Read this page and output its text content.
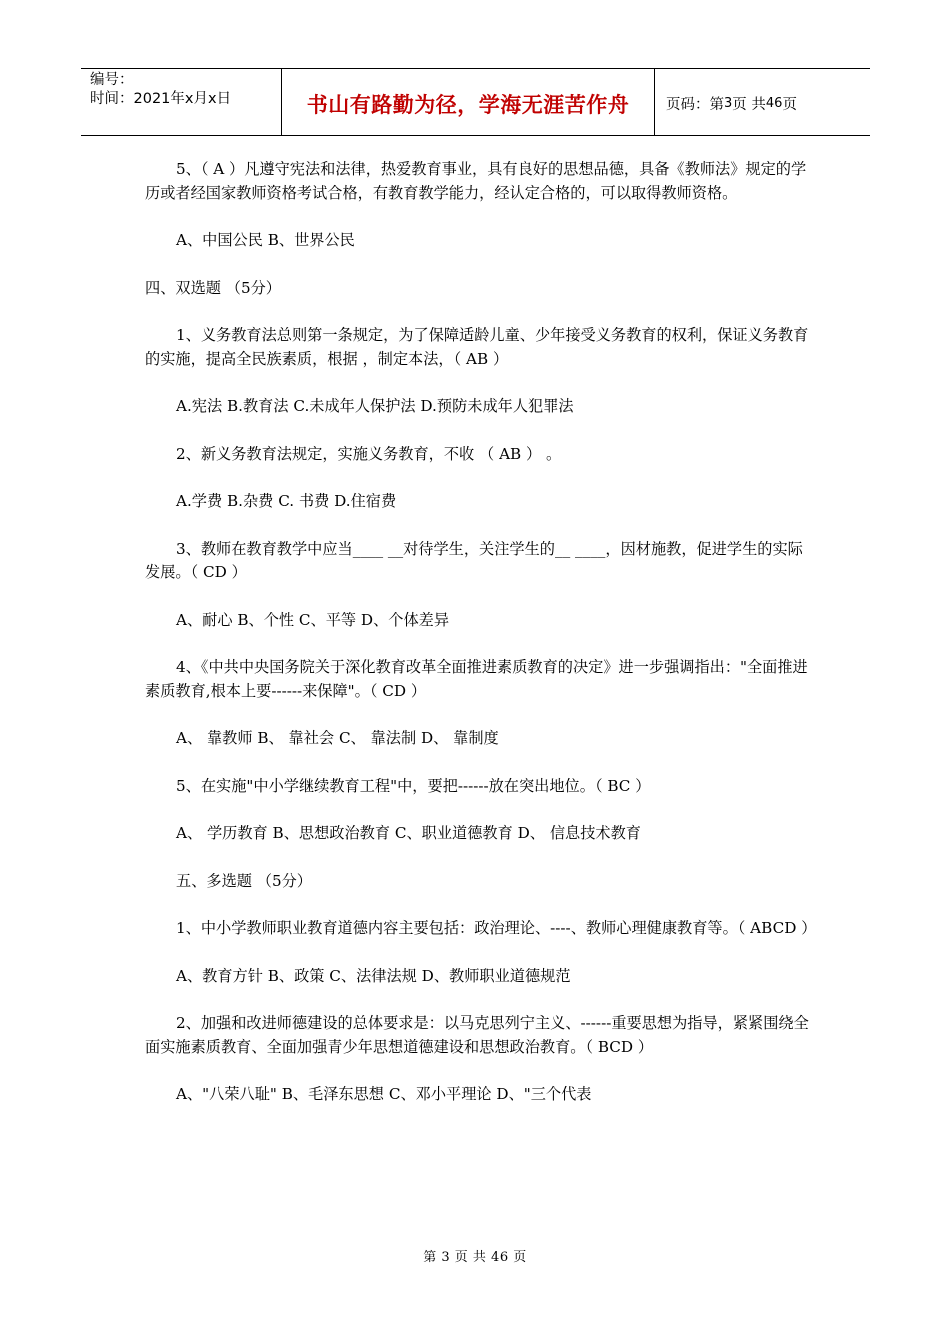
编号：
时间：2021年x月x日	书山有路勤为径，学海无涯苦作舟	页码：第 3 页 共 46 页

5、（ A ）凡遵守宪法和法律，热爱教育事业，具有良好的思想品德，具备《教师法》规定的学历或者经国家教师资格考试合格，有教育教学能力，经认定合格的，可以取得教师资格。

A、中国公民 B、世界公民

四、双选题 （5分）

1、义务教育法总则第一条规定，为了保障适龄儿童、少年接受义务教育的权利，保证义务教育的实施，提高全民族素质，根据 ，制定本法，（ AB ）

A.宪法 B.教育法 C.未成年人保护法 D.预防未成年人犯罪法

2、新义务教育法规定，实施义务教育，不收 （ AB ） 。

A.学费 B.杂费 C. 书费 D.住宿费

3、教师在教育教学中应当____ __对待学生，关注学生的__ ____，因材施教，促进学生的实际发展。（ CD ）

A、耐心 B、个性 C、平等 D、个体差异

4、《中共中央国务院关于深化教育改革全面推进素质教育的决定》进一步强调指出："全面推进素质教育,根本上要------来保障"。（ CD ）

A、 靠教师 B、 靠社会 C、 靠法制 D、 靠制度

5、在实施"中小学继续教育工程"中，要把------放在突出地位。（ BC ）

A、 学历教育 B、思想政治教育 C、职业道德教育 D、 信息技术教育

五、多选题 （5分）

1、中小学教师职业教育道德内容主要包括：政治理论、----、教师心理健康教育等。（ ABCD ）

A、教育方针 B、政策 C、法律法规 D、教师职业道德规范

2、加强和改进师德建设的总体要求是：以马克思列宁主义、------重要思想为指导，紧紧围绕全面实施素质教育、全面加强青少年思想道德建设和思想政治教育。（ BCD ）

A、"八荣八耻" B、毛泽东思想 C、邓小平理论 D、"三个代表

第 3 页 共 46 页
